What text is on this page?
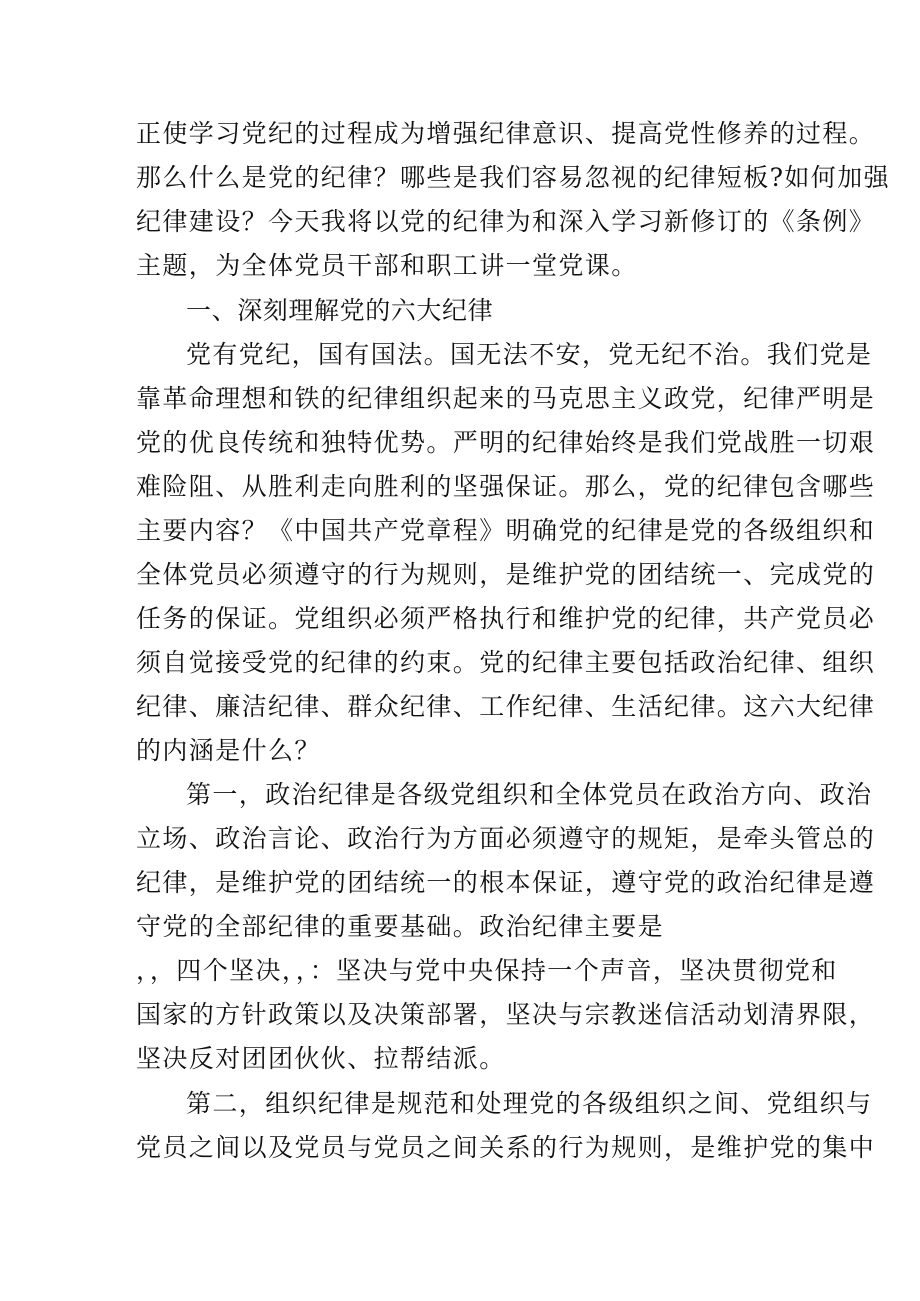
正使学习党纪的过程成为增强纪律意识、提高党性修养的过程。
那么什么是党的纪律？哪些是我们容易忽视的纪律短板?如何加强
纪律建设？今天我将以党的纪律为和深入学习新修订的《条例》
主题，为全体党员干部和职工讲一堂党课。
一、深刻理解党的六大纪律
党有党纪，国有国法。国无法不安，党无纪不治。我们党是
靠革命理想和铁的纪律组织起来的马克思主义政党，纪律严明是
党的优良传统和独特优势。严明的纪律始终是我们党战胜一切艰
难险阻、从胜利走向胜利的坚强保证。那么，党的纪律包含哪些
主要内容？《中国共产党章程》明确党的纪律是党的各级组织和
全体党员必须遵守的行为规则，是维护党的团结统一、完成党的
任务的保证。党组织必须严格执行和维护党的纪律，共产党员必
须自觉接受党的纪律的约束。党的纪律主要包括政治纪律、组织
纪律、廉洁纪律、群众纪律、工作纪律、生活纪律。这六大纪律
的内涵是什么？
第一，政治纪律是各级党组织和全体党员在政治方向、政治
立场、政治言论、政治行为方面必须遵守的规矩，是牵头管总的
纪律，是维护党的团结统一的根本保证，遵守党的政治纪律是遵
守党的全部纪律的重要基础。政治纪律主要是
，，四个坚决，，：坚决与党中央保持一个声音，坚决贯彻党和
国家的方针政策以及决策部署，坚决与宗教迷信活动划清界限，
坚决反对团团伙伙、拉帮结派。
第二，组织纪律是规范和处理党的各级组织之间、党组织与
党员之间以及党员与党员之间关系的行为规则，是维护党的集中
